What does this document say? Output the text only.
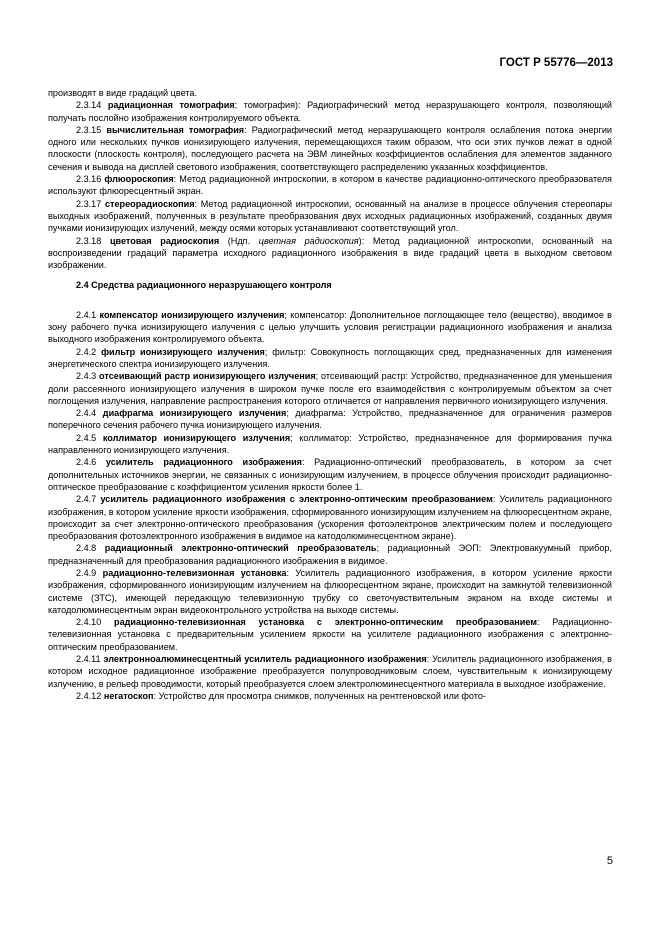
ГОСТ Р 55776—2013

производят в виде градаций цвета.

2.3.14 радиационная томография; томография): Радиографический метод неразрушающего контроля, позволяющий получать послойно изображения контролируемого объекта.

2.3.15 вычислительная томография: Радиографический метод неразрушающего контроля ослабления потока энергии одного или нескольких пучков ионизирующего излучения, перемещающихся таким образом, что оси этих пучков лежат в одной плоскости (плоскость контроля), последующего расчета на ЭВМ линейных коэффициентов ослабления для элементов заданного сечения и вывода на дисплей светового изображения, соответствующего распределению указанных коэффициентов.

2.3.16 флюороскопия: Метод радиационной интроскопии, в котором в качестве радиационно-оптического преобразователя используют флюоресцентный экран.

2.3.17 стереорадиоскопия: Метод радиационной интроскопии, основанный на анализе в процессе облучения стереопары выходных изображений, полученных в результате преобразования двух исходных радиационных изображений, созданных двумя пучками ионизирующих излучений, между осями которых устанавливают соответствующий угол.

2.3.18 цветовая радиоскопия (Ндп. цветная радиоскопия): Метод радиационной интроскопии, основанный на воспроизведении градаций параметра исходного радиационного изображения в виде градаций цвета в выходном световом изображении.

2.4 Средства радиационного неразрушающего контроля

2.4.1 компенсатор ионизирующего излучения; компенсатор: Дополнительное поглощающее тело (вещество), вводимое в зону рабочего пучка ионизирующего излучения с целью улучшить условия регистрации радиационного изображения и анализа выходного изображения контролируемого объекта.

2.4.2 фильтр ионизирующего излучения; фильтр: Совокупность поглощающих сред, предназначенных для изменения энергетического спектра ионизирующего излучения.

2.4.3 отсеивающий растр ионизирующего излучения; отсеивающий растр: Устройство, предназначенное для уменьшения доли рассеянного ионизирующего излучения в широком пучке после его взаимодействия с контролируемым объектом за счет поглощения излучения, направление распространения которого отличается от направления первичного ионизирующего излучения.

2.4.4 диафрагма ионизирующего излучения; диафрагма: Устройство, предназначенное для ограничения размеров поперечного сечения рабочего пучка ионизирующего излучения.

2.4.5 коллиматор ионизирующего излучения; коллиматор: Устройство, предназначенное для формирования пучка направленного ионизирующего излучения.

2.4.6 усилитель радиационного изображения: Радиационно-оптический преобразователь, в котором за счет дополнительных источников энергии, не связанных с ионизирующим излучением, в процессе облучения происходит радиационно-оптическое преобразование с коэффициентом усиления яркости более 1.

2.4.7 усилитель радиационного изображения с электронно-оптическим преобразованием: Усилитель радиационного изображения, в котором усиление яркости изображения, сформированного ионизирующим излучением на флюоресцентном экране, происходит за счет электронно-оптического преобразования (ускорения фотоэлектронов электрическим полем и последующего преобразования фотоэлектронного изображения в видимое на катодолюминесцентном экране).

2.4.8 радиационный электронно-оптический преобразователь; радиационный ЭОП: Электровакуумный прибор, предназначенный для преобразования радиационного изображения в видимое.

2.4.9 радиационно-телевизионная установка: Усилитель радиационного изображения, в котором усиление яркости изображения, сформированного ионизирующим излучением на флюоресцентном экране, происходит на замкнутой телевизионной системе (ЗТС), имеющей передающую телевизионную трубку со светочувствительным экраном на входе системы и катодолюминесцентным экран видеоконтрольного устройства на выходе системы.

2.4.10 радиационно-телевизионная установка с электронно-оптическим преобразованием: Радиационно-телевизионная установка с предварительным усилением яркости на усилителе радиационного изображения с электронно-оптическим преобразованием.

2.4.11 электронноалюминесцентный усилитель радиационного изображения: Усилитель радиационного изображения, в котором исходное радиационное изображение преобразуется полупроводниковым слоем, чувствительным к ионизирующему излучению, в рельеф проводимости, который преобразуется слоем электролюминесцентного материала в выходное изображение.

2.4.12 негатоскоп: Устройство для просмотра снимков, полученных на рентгеновской или фото-

5
